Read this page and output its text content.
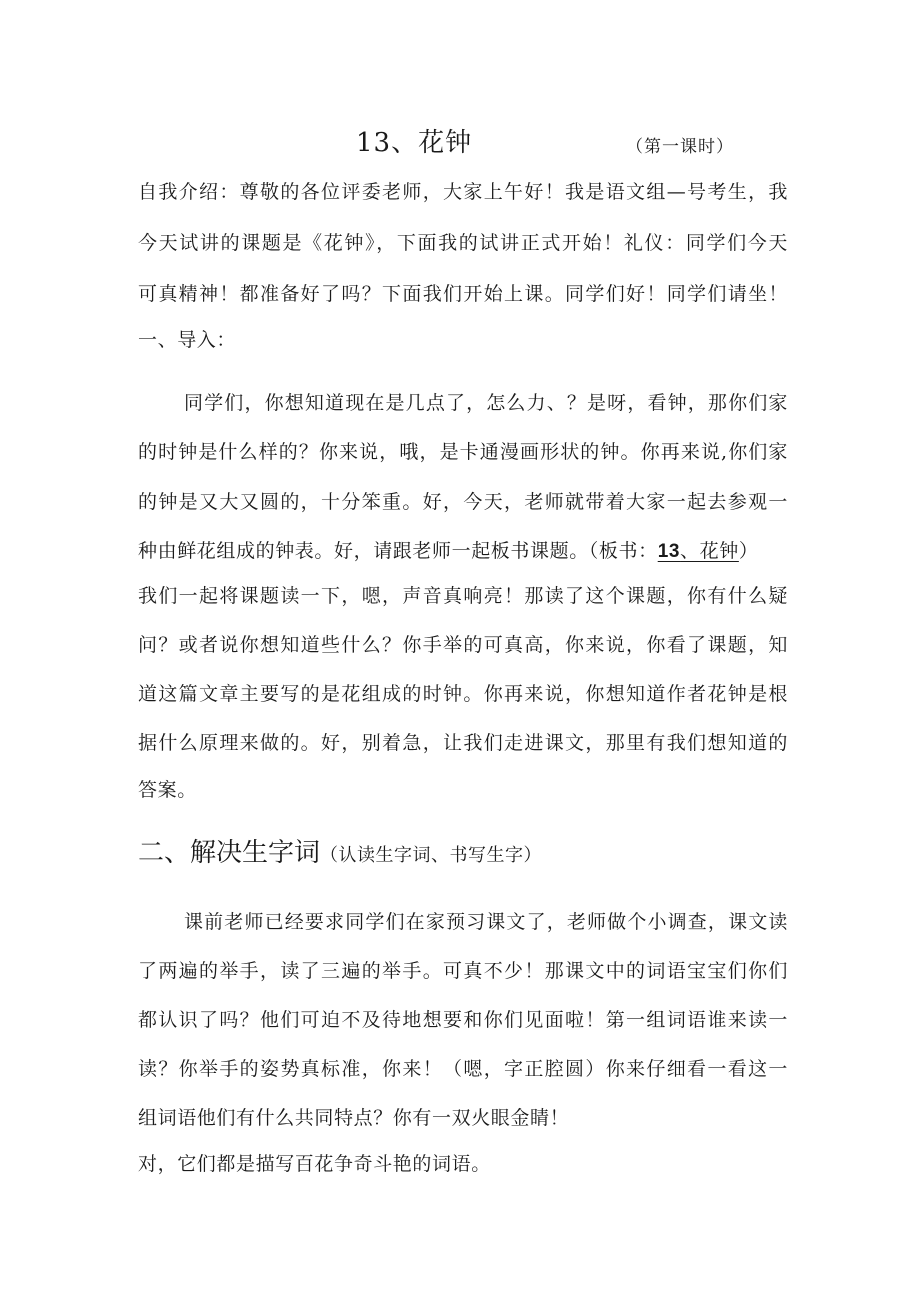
13、花钟	（第一课时）
自我介绍：尊敬的各位评委老师，大家上午好！我是语文组—号考生，我
今天试讲的课题是《花钟》，下面我的试讲正式开始！礼仪：同学们今天
可真精神！都准备好了吗？下面我们开始上课。同学们好！同学们请坐！
一、导入：
同学们，你想知道现在是几点了，怎么力、？是呀，看钟，那你们家
的时钟是什么样的？你来说，哦，是卡通漫画形状的钟。你再来说,你们家
的钟是又大又圆的，十分笨重。好，今天，老师就带着大家一起去参观一
种由鲜花组成的钟表。好，请跟老师一起板书课题。（板书：13、花钟）
我们一起将课题读一下，嗯，声音真响亮！那读了这个课题，你有什么疑
问？或者说你想知道些什么？你手举的可真高，你来说，你看了课题，知
道这篇文章主要写的是花组成的时钟。你再来说，你想知道作者花钟是根
据什么原理来做的。好，别着急，让我们走进课文，那里有我们想知道的
答案。
二、解决生字词（认读生字词、书写生字）
课前老师已经要求同学们在家预习课文了，老师做个小调查，课文读
了两遍的举手，读了三遍的举手。可真不少！那课文中的词语宝宝们你们
都认识了吗？他们可迫不及待地想要和你们见面啦！第一组词语谁来读一
读？你举手的姿势真标准，你来！（嗯，字正腔圆）你来仔细看一看这一
组词语他们有什么共同特点？你有一双火眼金睛！
对，它们都是描写百花争奇斗艳的词语。
